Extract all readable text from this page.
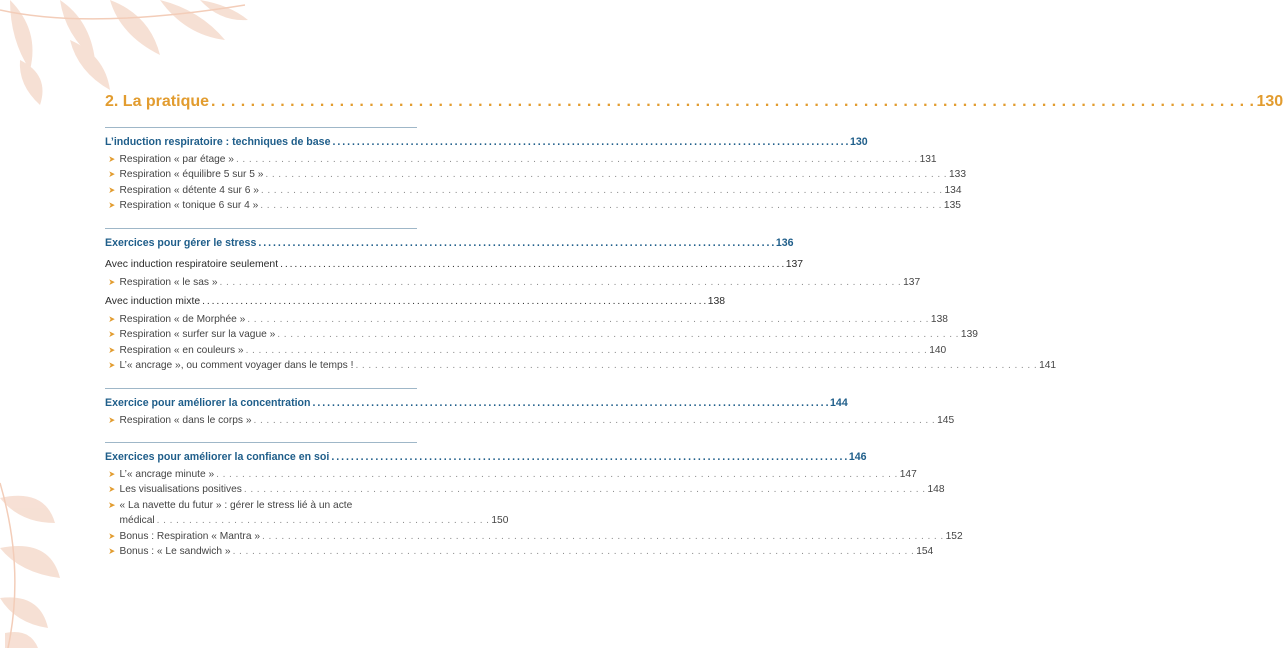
2. La pratique . . .	130
L’induction respiratoire : techniques de base . . .	130
➤ Respiration « par étage » . . .	131
➤ Respiration « équilibre 5 sur 5 » . . .	133
➤ Respiration « détente 4 sur 6 » . . .	134
➤ Respiration « tonique 6 sur 4 » . . .	135
Exercices pour gérer le stress . . .	136
Avec induction respiratoire seulement . . .	137
➤ Respiration « le sas » . . .	137
Avec induction mixte . . .	138
➤ Respiration « de Morphée » . . .	138
➤ Respiration « surfer sur la vague » . . .	139
➤ Respiration « en couleurs » . . .	140
➤ L’« ancrage », ou comment voyager dans le temps ! . . .	141
Exercice pour améliorer la concentration . . .	144
➤ Respiration « dans le corps » . . .	145
Exercices pour améliorer la confiance en soi . . .	146
➤ L’« ancrage minute » . . .	147
➤ Les visualisations positives . . .	148
➤ « La navette du futur » : gérer le stress lié à un acte
médical . . .	150
➤ Bonus : Respiration « Mantra » . . .	152
➤ Bonus : « Le sandwich » . . .	154
